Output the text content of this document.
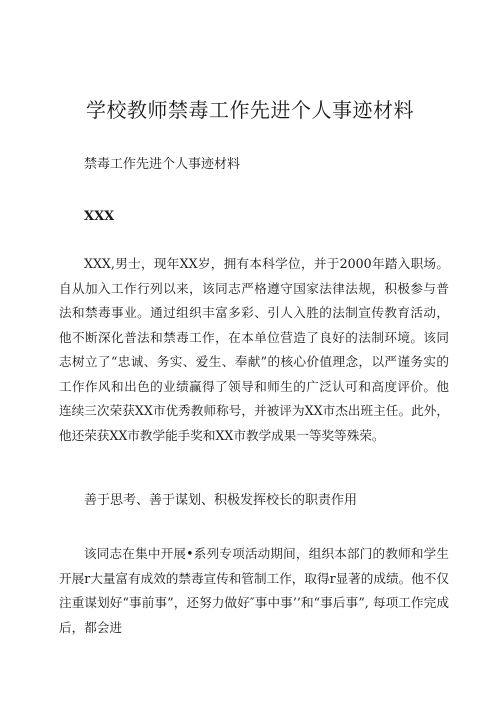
学校教师禁毒工作先进个人事迹材料

禁毒工作先进个人事迹材料

XXX

XXX,男士，现年XX岁，拥有本科学位，并于2000年踏入职场。自从加入工作行列以来，该同志严格遵守国家法律法规，积极参与普法和禁毒事业。通过组织丰富多彩、引人入胜的法制宣传教育活动，他不断深化普法和禁毒工作，在本单位营造了良好的法制环境。该同志树立了“忠诚、务实、爱生、奉献”的核心价值理念，以严谨务实的工作作风和出色的业绩赢得了领导和师生的广泛认可和高度评价。他连续三次荣获XX市优秀教师称号，并被评为XX市杰出班主任。此外，他还荣获XX市教学能手奖和XX市教学成果一等奖等殊荣。

善于思考、善于谋划、积极发挥校长的职责作用

该同志在集中开展•系列专项活动期间，组织本部门的教师和学生开展r大量富有成效的禁毒宣传和管制工作，取得r显著的成绩。他不仅注重谋划好“事前事”，还努力做好″事中事’’和“事后事”, 每项工作完成后，都会进
